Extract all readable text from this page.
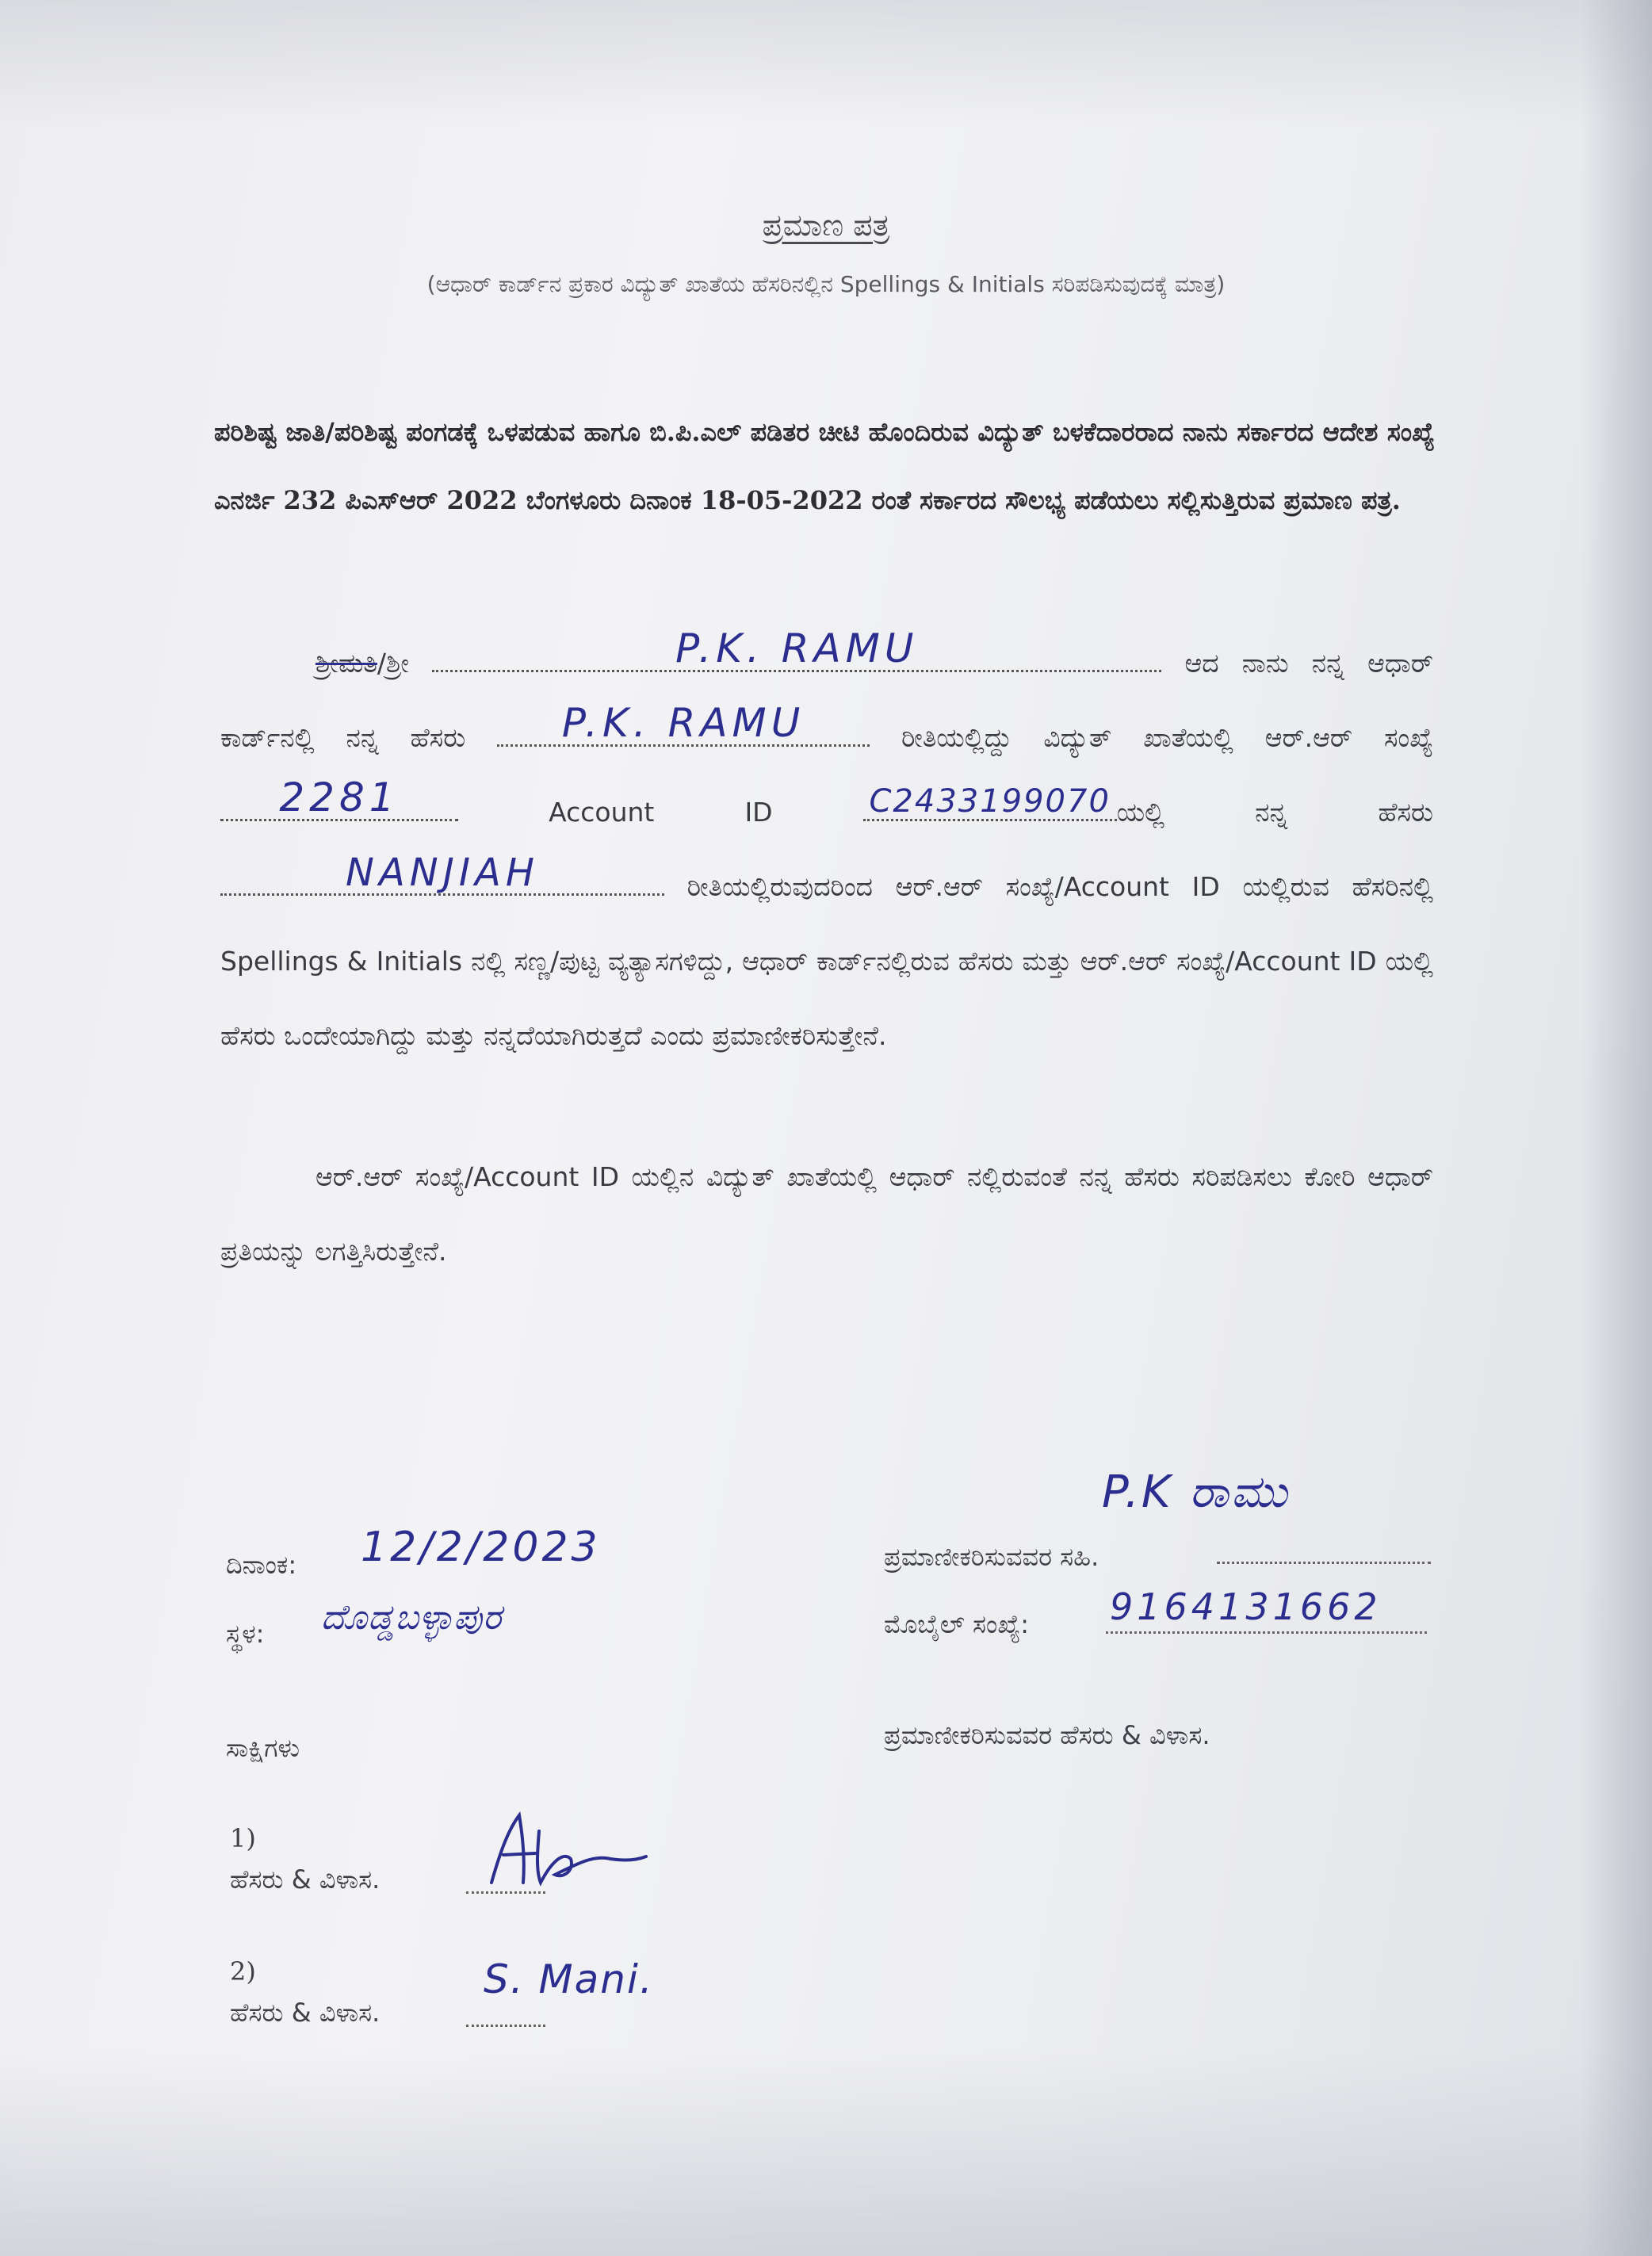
ಪ್ರಮಾಣ ಪತ್ರ
(ಆಧಾರ್ ಕಾರ್ಡ್‌ನ ಪ್ರಕಾರ ವಿದ್ಯುತ್ ಖಾತೆಯ ಹೆಸರಿನಲ್ಲಿನ Spellings & Initials ಸರಿಪಡಿಸುವುದಕ್ಕೆ ಮಾತ್ರ)
ಪರಿಶಿಷ್ಟ ಜಾತಿ/ಪರಿಶಿಷ್ಟ ಪಂಗಡಕ್ಕೆ ಒಳಪಡುವ ಹಾಗೂ ಬಿ.ಪಿ.ಎಲ್ ಪಡಿತರ ಚೀಟಿ ಹೊಂದಿರುವ ವಿದ್ಯುತ್ ಬಳಕೆದಾರರಾದ ನಾನು ಸರ್ಕಾರದ ಆದೇಶ ಸಂಖ್ಯೆ ಎನರ್ಜಿ 232 ಪಿಎಸ್‌ಆರ್ 2022 ಬೆಂಗಳೂರು ದಿನಾಂಕ 18-05-2022 ರಂತೆ ಸರ್ಕಾರದ ಸೌಲಭ್ಯ ಪಡೆಯಲು ಸಲ್ಲಿಸುತ್ತಿರುವ ಪ್ರಮಾಣ ಪತ್ರ.
ಶ್ರೀಮತಿ/ಶ್ರೀ	P.K. RAMU	ಆದ ನಾನು ನನ್ನ ಆಧಾರ್ ಕಾರ್ಡ್‌ನಲ್ಲಿ ನನ್ನ ಹೆಸರು	P.K. RAMU	ರೀತಿಯಲ್ಲಿದ್ದು ವಿದ್ಯುತ್ ಖಾತೆಯಲ್ಲಿ ಆರ್.ಆರ್ ಸಂಖ್ಯೆ
2281	Account ID	C2433199070 ಯಲ್ಲಿ ನನ್ನ ಹೆಸರು
NANJIAH	ರೀತಿಯಲ್ಲಿರುವುದರಿಂದ ಆರ್.ಆರ್ ಸಂಖ್ಯೆ/Account ID ಯಲ್ಲಿರುವ ಹೆಸರಿನಲ್ಲಿ Spellings & Initials ನಲ್ಲಿ ಸಣ್ಣ/ಪುಟ್ಟ ವ್ಯತ್ಯಾಸಗಳಿದ್ದು, ಆಧಾರ್ ಕಾರ್ಡ್‌ನಲ್ಲಿರುವ ಹೆಸರು ಮತ್ತು ಆರ್.ಆರ್ ಸಂಖ್ಯೆ/Account ID ಯಲ್ಲಿ ಹೆಸರು ಒಂದೇಯಾಗಿದ್ದು ಮತ್ತು ನನ್ನದೆಯಾಗಿರುತ್ತದೆ ಎಂದು ಪ್ರಮಾಣೀಕರಿಸುತ್ತೇನೆ.
ಆರ್.ಆರ್ ಸಂಖ್ಯೆ/Account ID ಯಲ್ಲಿನ ವಿದ್ಯುತ್ ಖಾತೆಯಲ್ಲಿ ಆಧಾರ್ ನಲ್ಲಿರುವಂತೆ ನನ್ನ ಹೆಸರು ಸರಿಪಡಿಸಲು ಕೋರಿ ಆಧಾರ್ ಪ್ರತಿಯನ್ನು ಲಗತ್ತಿಸಿರುತ್ತೇನೆ.
ದಿನಾಂಕ: 12/2/2023
ಸ್ಥಳ: ದೊಡ್ಡಬಳ್ಳಾಪುರ
ಸಾಕ್ಷಿಗಳು
1)
ಹೆಸರು & ವಿಳಾಸ.
2)
ಹೆಸರು & ವಿಳಾಸ.
S. Mani.
P.K ರಾಮು
ಪ್ರಮಾಣೀಕರಿಸುವವರ ಸಹಿ.
ಮೊಬೈಲ್ ಸಂಖ್ಯೆ: 9164131662
ಪ್ರಮಾಣೀಕರಿಸುವವರ ಹೆಸರು & ವಿಳಾಸ.
